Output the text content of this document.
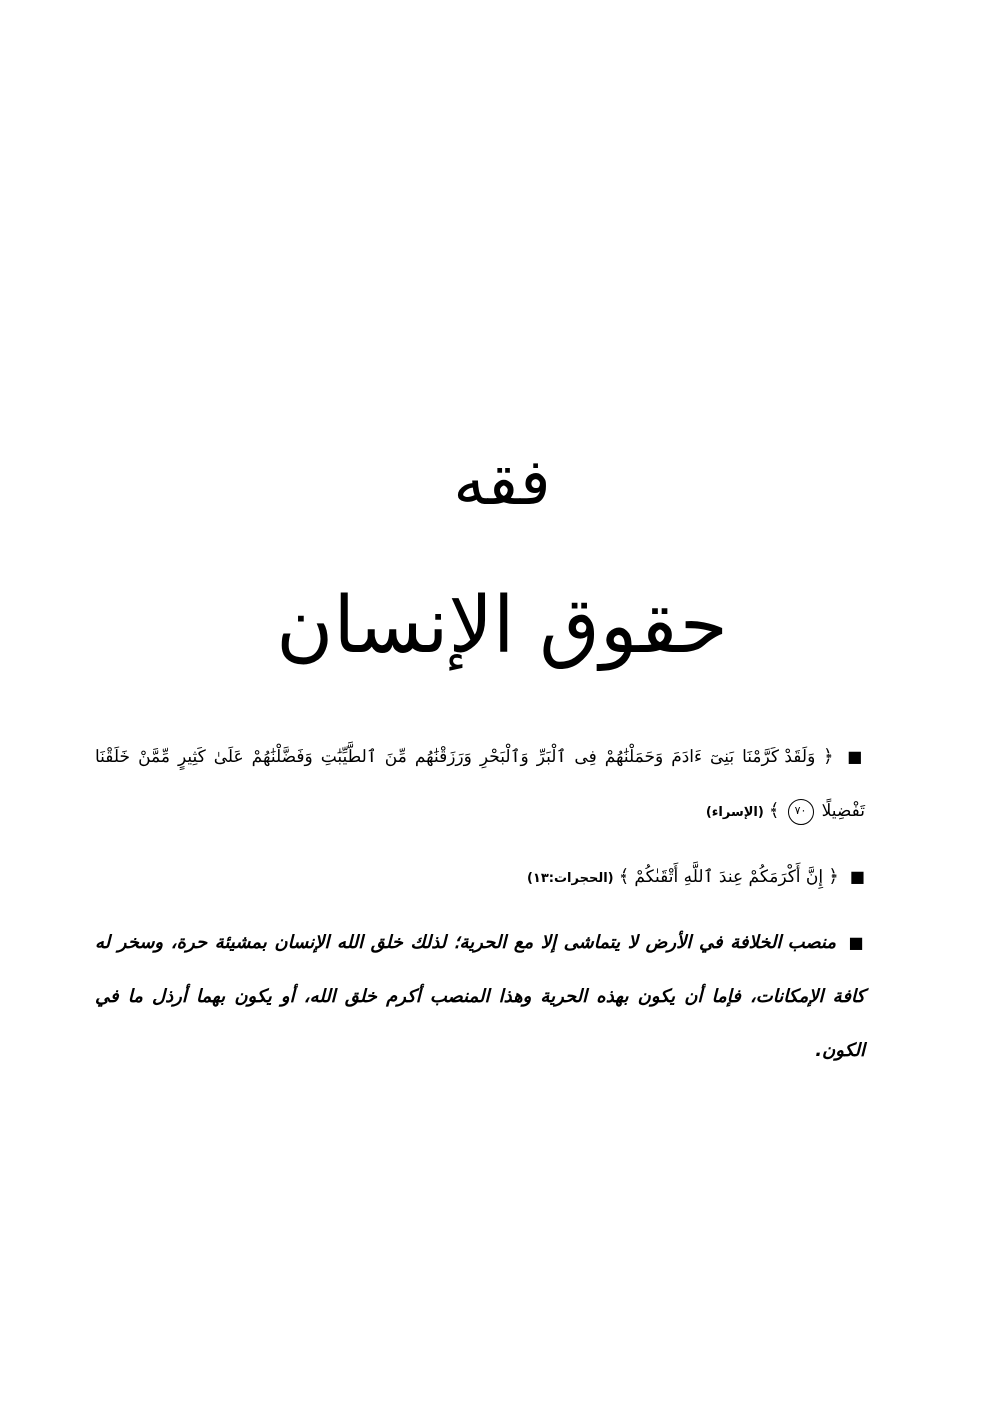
فقه
حقوق الإنسان

■ ﴿ وَلَقَدْ كَرَّمْنَا بَنِىٓ ءَادَمَ وَحَمَلْنَٰهُمْ فِى ٱلْبَرِّ وَٱلْبَحْرِ وَرَزَقْنَٰهُم مِّنَ ٱلطَّيِّبَٰتِ وَفَضَّلْنَٰهُمْ عَلَىٰ كَثِيرٍ مِّمَّنْ خَلَقْنَا تَفْضِيلًا ٧٠ ﴾ (الإسراء)

■ ﴿ إِنَّ أَكْرَمَكُمْ عِندَ ٱللَّهِ أَتْقَىٰكُمْ ﴾ (الحجرات:١٣)

■ منصب الخلافة في الأرض لا يتماشى إلا مع الحرية؛ لذلك خلق الله الإنسان بمشيئة حرة، وسخر له كافة الإمكانات، فإما أن يكون بهذه الحرية وهذا المنصب أكرم خلق الله، أو يكون بهما أرذل ما في الكون.
